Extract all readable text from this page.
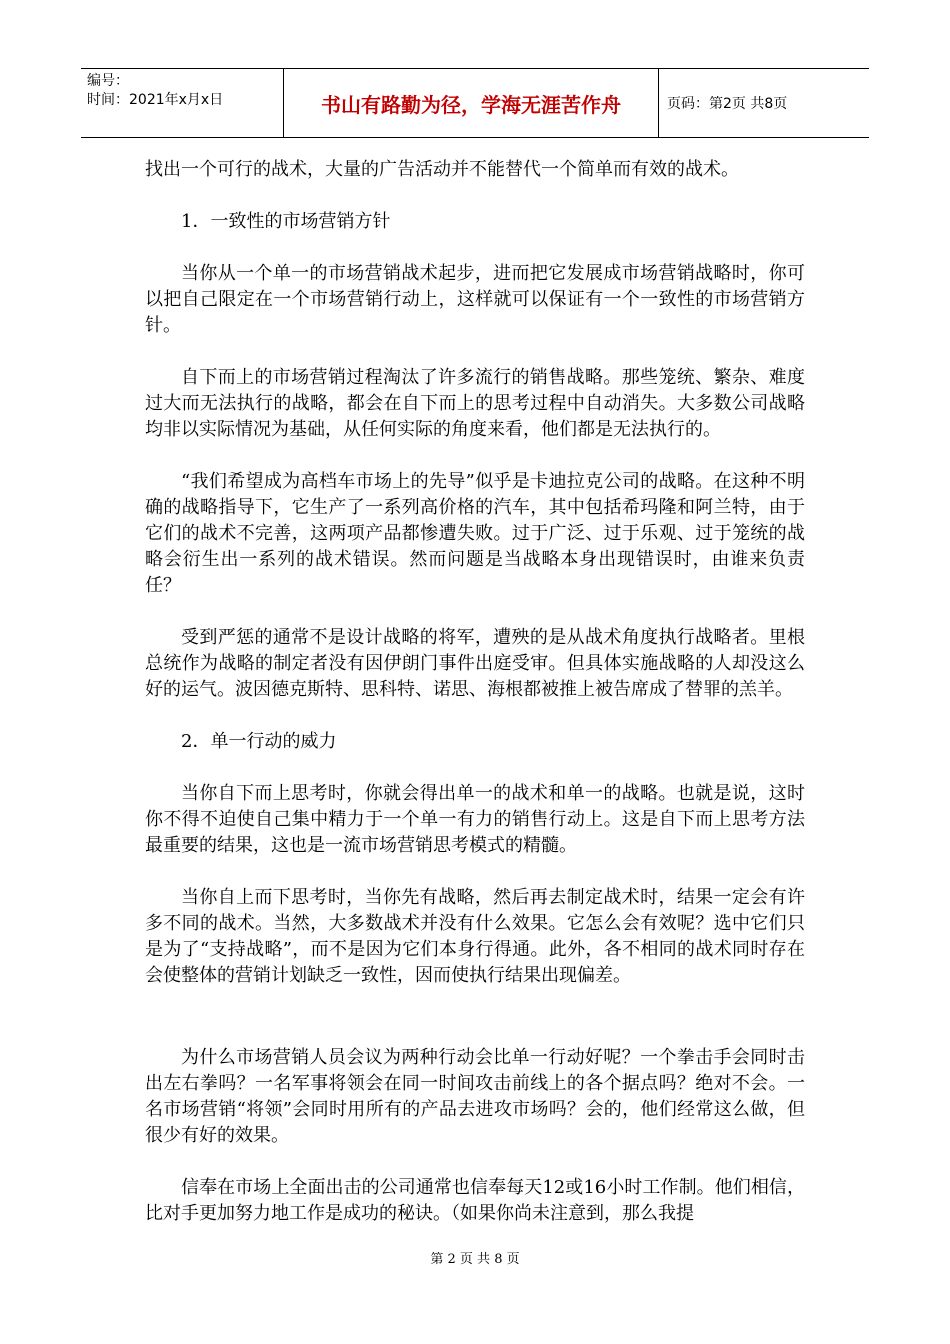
编号：
时间：2021年x月x日	书山有路勤为径，学海无涯苦作舟	页码：第2页 共8页

找出一个可行的战术，大量的广告活动并不能替代一个简单而有效的战术。

1．一致性的市场营销方针

当你从一个单一的市场营销战术起步，进而把它发展成市场营销战略时，你可以把自己限定在一个市场营销行动上，这样就可以保证有一个一致性的市场营销方针。

自下而上的市场营销过程淘汰了许多流行的销售战略。那些笼统、繁杂、难度过大而无法执行的战略，都会在自下而上的思考过程中自动消失。大多数公司战略均非以实际情况为基础，从任何实际的角度来看，他们都是无法执行的。

“我们希望成为高档车市场上的先导”似乎是卡迪拉克公司的战略。在这种不明确的战略指导下，它生产了一系列高价格的汽车，其中包括希玛隆和阿兰特，由于它们的战术不完善，这两项产品都惨遭失败。过于广泛、过于乐观、过于笼统的战略会衍生出一系列的战术错误。然而问题是当战略本身出现错误时，由谁来负责任？

受到严惩的通常不是设计战略的将军，遭殃的是从战术角度执行战略者。里根总统作为战略的制定者没有因伊朗门事件出庭受审。但具体实施战略的人却没这么好的运气。波因德克斯特、思科特、诺思、海根都被推上被告席成了替罪的羔羊。

2．单一行动的威力

当你自下而上思考时，你就会得出单一的战术和单一的战略。也就是说，这时你不得不迫使自己集中精力于一个单一有力的销售行动上。这是自下而上思考方法最重要的结果，这也是一流市场营销思考模式的精髓。

当你自上而下思考时，当你先有战略，然后再去制定战术时，结果一定会有许多不同的战术。当然，大多数战术并没有什么效果。它怎么会有效呢？选中它们只是为了“支持战略”，而不是因为它们本身行得通。此外，各不相同的战术同时存在会使整体的营销计划缺乏一致性，因而使执行结果出现偏差。

为什么市场营销人员会议为两种行动会比单一行动好呢？一个拳击手会同时击出左右拳吗？一名军事将领会在同一时间攻击前线上的各个据点吗？绝对不会。一名市场营销“将领”会同时用所有的产品去进攻市场吗？会的，他们经常这么做，但很少有好的效果。

信奉在市场上全面出击的公司通常也信奉每天12或16小时工作制。他们相信，比对手更加努力地工作是成功的秘诀。（如果你尚未注意到，那么我提

第 2 页 共 8 页
